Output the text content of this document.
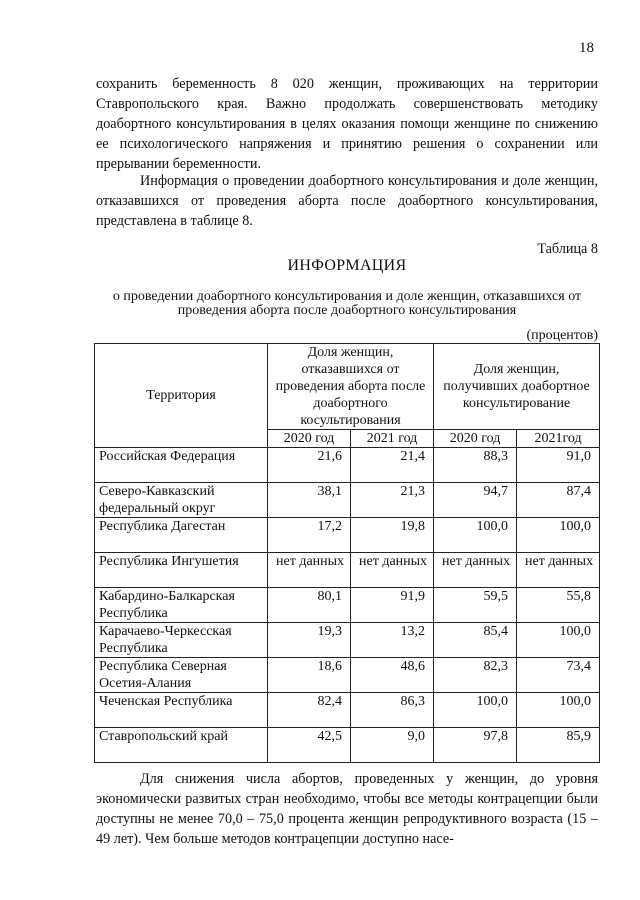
18

сохранить беременность 8 020 женщин, проживающих на территории Ставропольского края. Важно продолжать совершенствовать методику доабортного консультирования в целях оказания помощи женщине по снижению ее психологического напряжения и принятию решения о сохранении или прерывании беременности.

Информация о проведении доабортного консультирования и доле женщин, отказавшихся от проведения аборта после доабортного консультирования, представлена в таблице 8.

Таблица 8
ИНФОРМАЦИЯ
о проведении доабортного консультирования и доле женщин, отказавшихся от проведения аборта после доабортного консультирования
(процентов)
Территория	Доля женщин, отказавшихся от проведения аборта после доабортного косультирования		Доля женщин, получивших доабортное консультирование	
	2020 год	2021 год	2020 год	2021год
Российская Федерация	21,6	21,4	88,3	91,0
Северо-Кавказский федеральный округ	38,1	21,3	94,7	87,4
Республика Дагестан	17,2	19,8	100,0	100,0
Республика Ингушетия	нет данных	нет данных	нет данных	нет данных
Кабардино-Балкарская Республика	80,1	91,9	59,5	55,8
Карачаево-Черкесская Республика	19,3	13,2	85,4	100,0
Республика Северная Осетия-Алания	18,6	48,6	82,3	73,4
Чеченская Республика	82,4	86,3	100,0	100,0
Ставропольский край	42,5	9,0	97,8	85,9

Для снижения числа абортов, проведенных у женщин, до уровня экономически развитых стран необходимо, чтобы все методы контрацепции были доступны не менее 70,0 – 75,0 процента женщин репродуктивного возраста (15 – 49 лет). Чем больше методов контрацепции доступно насе-
